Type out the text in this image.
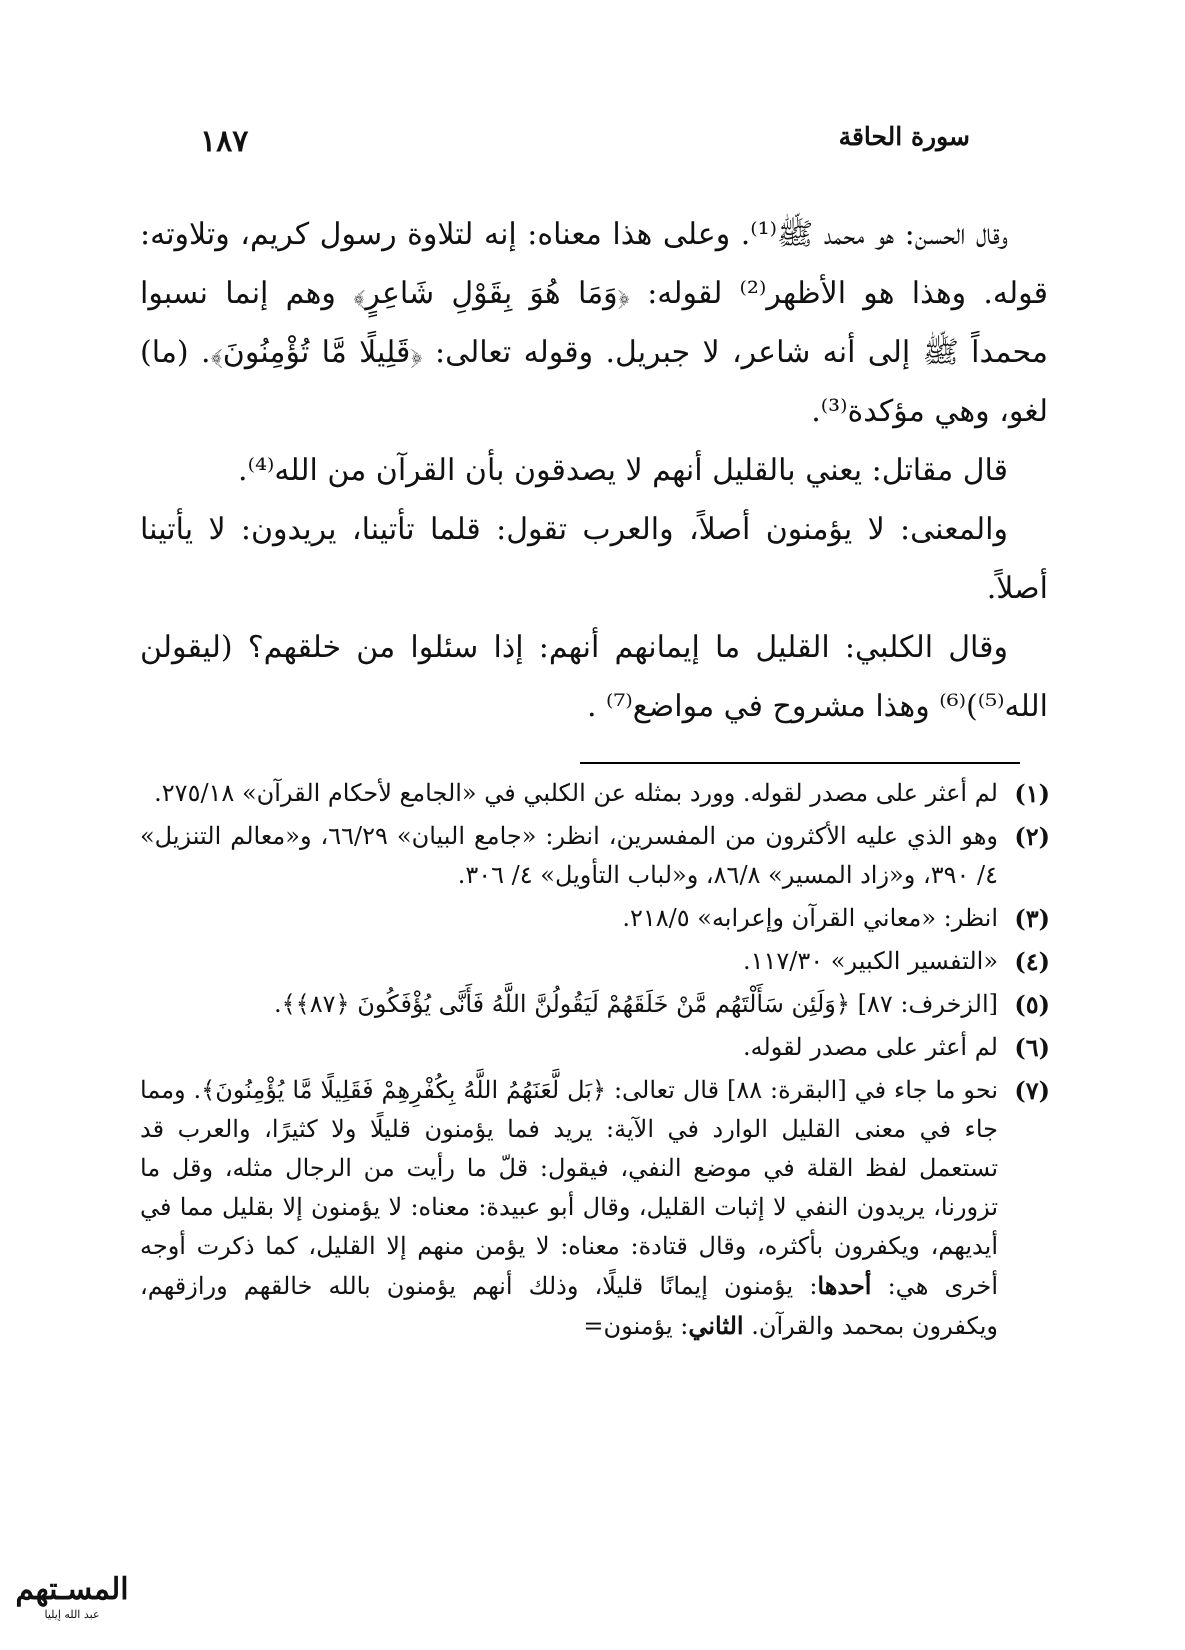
سورة الحاقة
١٨٧

وقال الحسن: هو محمد ﷺ⁽¹⁾. وعلى هذا معناه: إنه لتلاوة رسول كريم، وتلاوته: قوله. وهذا هو الأظهر⁽²⁾ لقوله: ﴿وَمَا هُوَ بِقَوْلِ شَاعِرٍ﴾ وهم إنما نسبوا محمداً ﷺ إلى أنه شاعر، لا جبريل. وقوله تعالى: ﴿قَلِيلًا مَّا تُؤْمِنُونَ﴾. (ما) لغو، وهي مؤكدة⁽³⁾.

قال مقاتل: يعني بالقليل أنهم لا يصدقون بأن القرآن من الله⁽⁴⁾.

والمعنى: لا يؤمنون أصلاً، والعرب تقول: قلما تأتينا، يريدون: لا يأتينا أصلاً.

وقال الكلبي: القليل ما إيمانهم أنهم: إذا سئلوا من خلقهم؟ (ليقولن الله⁽⁵⁾)⁽⁶⁾ وهذا مشروح في مواضع⁽⁷⁾ .

(١)
لم أعثر على مصدر لقوله. وورد بمثله عن الكلبي في «الجامع لأحكام القرآن» ٢٧٥/١٨.
(٢)
وهو الذي عليه الأكثرون من المفسرين، انظر: «جامع البيان» ٦٦/٢٩، و«معالم التنزيل» ٤/ ٣٩٠، و«زاد المسير» ٨٦/٨، و«لباب التأويل» ٤/ ٣٠٦.
(٣)
انظر: «معاني القرآن وإعرابه» ٢١٨/٥.
(٤)
«التفسير الكبير» ١١٧/٣٠.
(٥)
[الزخرف: ٨٧] ﴿وَلَئِن سَأَلْتَهُم مَّنْ خَلَقَهُمْ لَيَقُولُنَّ اللَّهُ فَأَنَّى يُؤْفَكُونَ ﴿٨٧﴾﴾.
(٦)
لم أعثر على مصدر لقوله.
(٧)
نحو ما جاء في [البقرة: ٨٨] قال تعالى: ﴿بَل لَّعَنَهُمُ اللَّهُ بِكُفْرِهِمْ فَقَلِيلًا مَّا يُؤْمِنُونَ﴾. ومما جاء في معنى القليل الوارد في الآية: يريد فما يؤمنون قليلًا ولا كثيرًا، والعرب قد تستعمل لفظ القلة في موضع النفي، فيقول: قلّ ما رأيت من الرجال مثله، وقل ما تزورنا، يريدون النفي لا إثبات القليل، وقال أبو عبيدة: معناه: لا يؤمنون إلا بقليل مما في أيديهم، ويكفرون بأكثره، وقال قتادة: معناه: لا يؤمن منهم إلا القليل، كما ذكرت أوجه أخرى هي: أحدها: يؤمنون إيمانًا قليلًا، وذلك أنهم يؤمنون بالله خالقهم ورازقهم، ويكفرون بمحمد والقرآن. الثاني: يؤمنون=
المسـتهم
عبد الله إيليا
